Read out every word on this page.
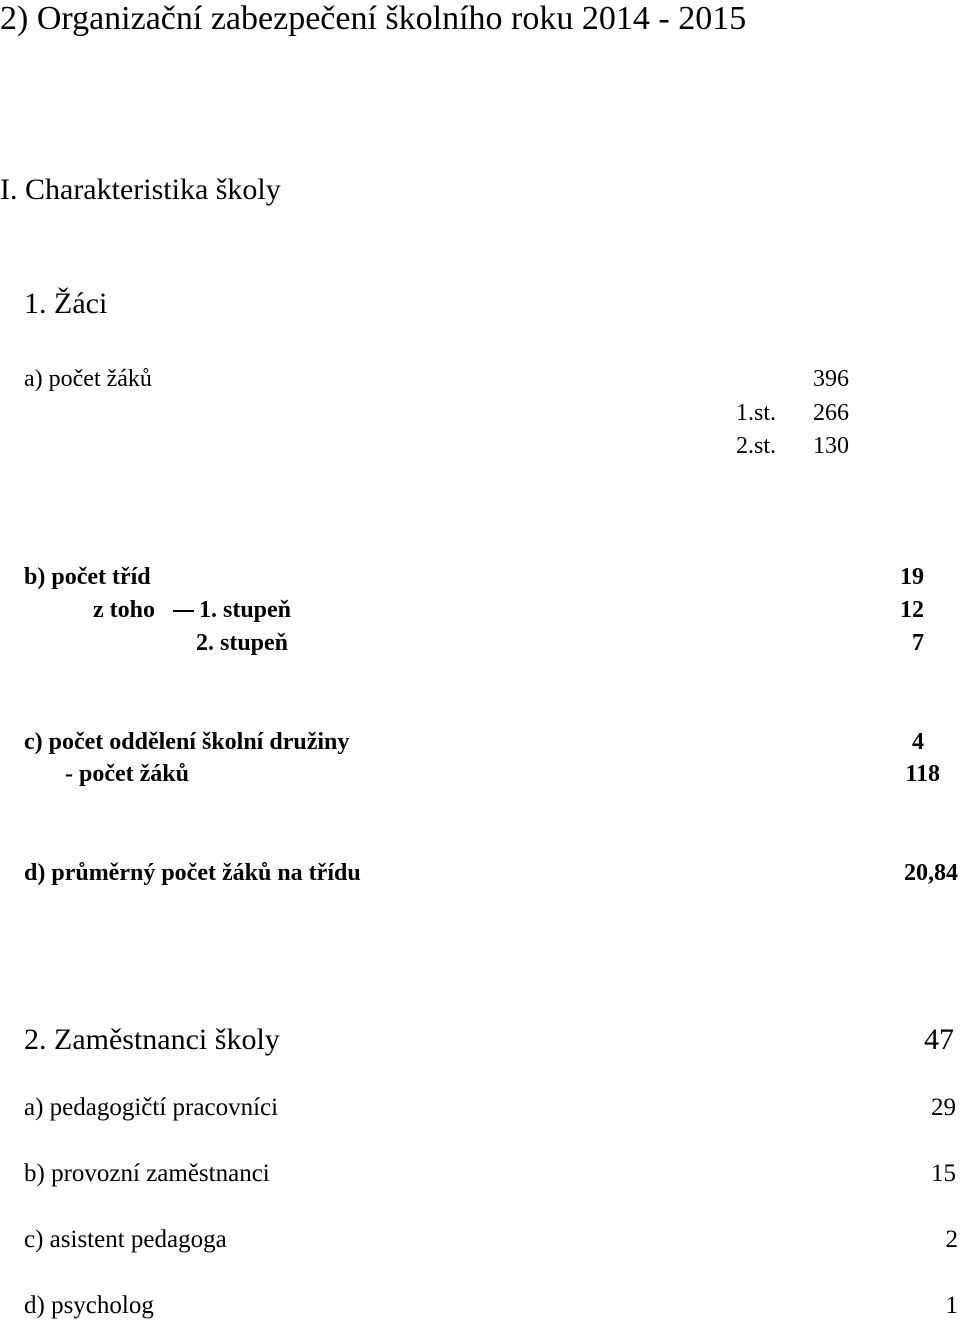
2) Organizační zabezpečení školního roku 2014 - 2015
I. Charakteristika školy
1. Žáci
a) počet žáků	396
1.st. 266
2.st. 130
b) počet tříd	19
z toho 1. stupeň	12
2. stupeň	7
c) počet oddělení školní družiny	4
- počet žáků	118
d) průměrný počet žáků na třídu	20,84
2. Zaměstnanci školy	47
a) pedagogičtí pracovníci	29
b) provozní zaměstnanci	15
c) asistent pedagoga	2
d) psycholog	1
